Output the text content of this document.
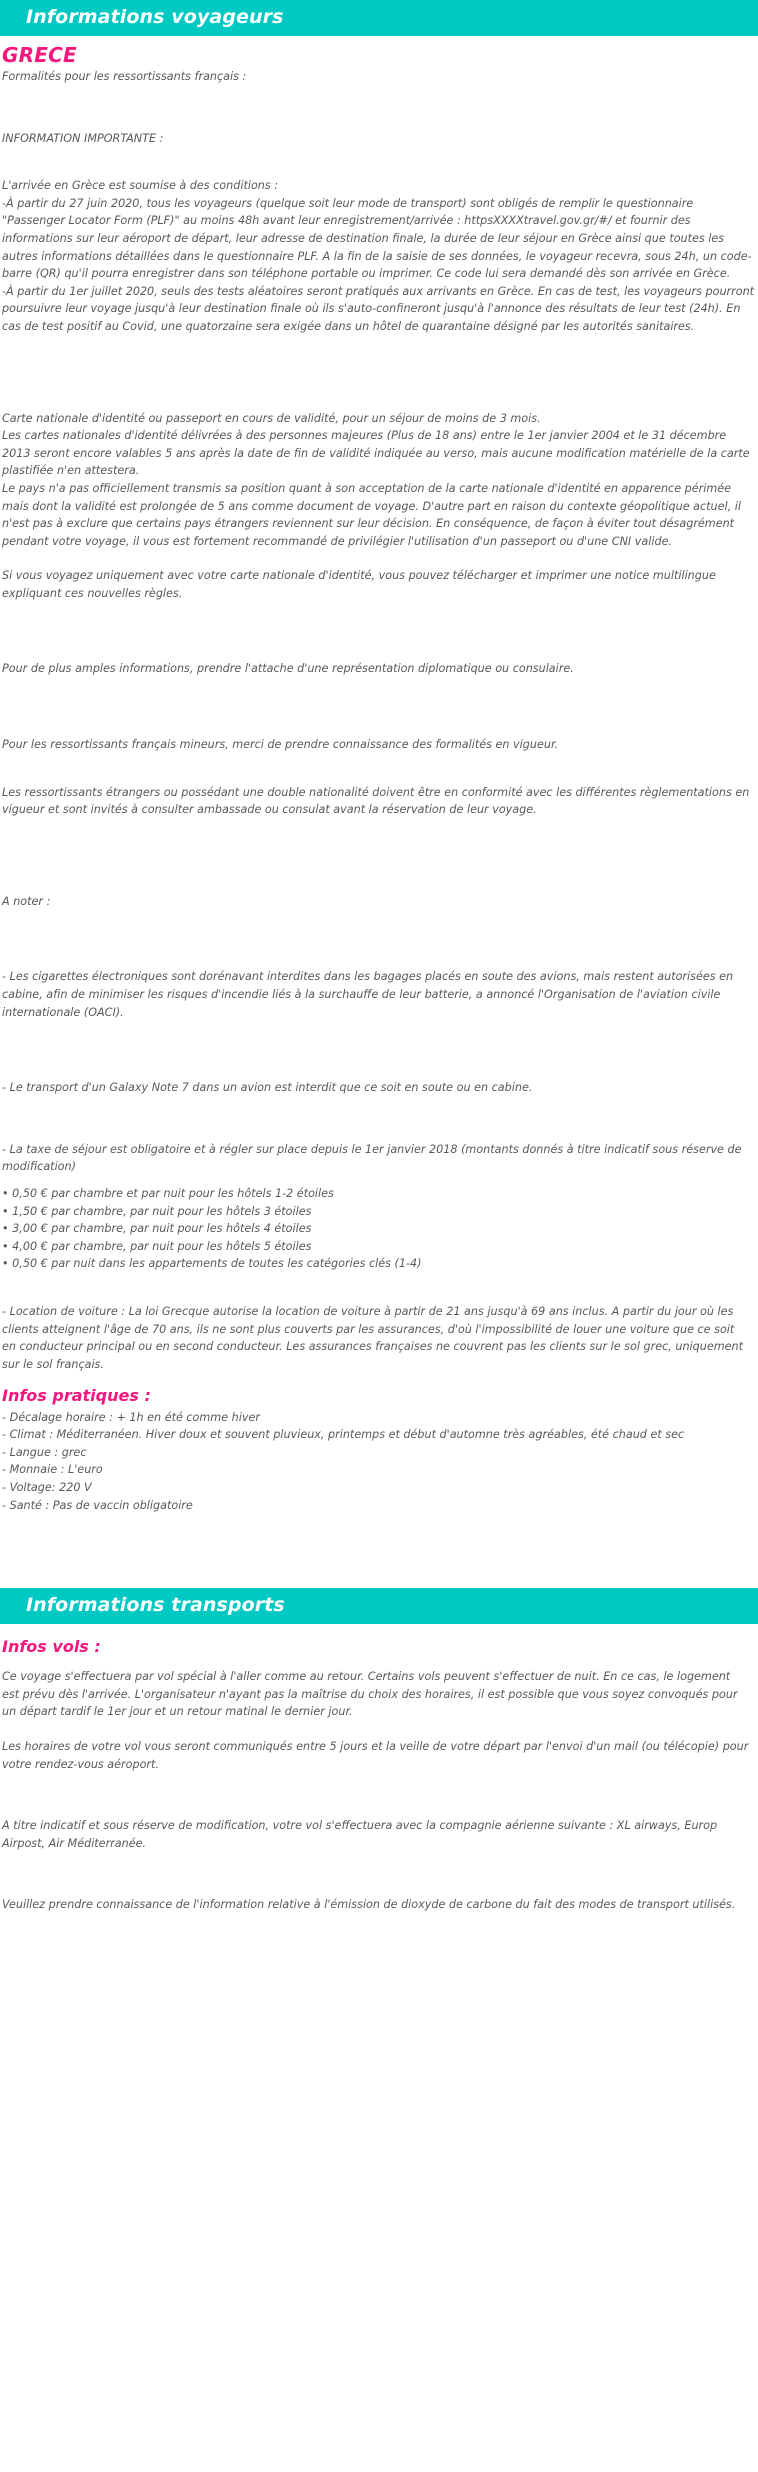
Informations voyageurs
GRECE
Formalités pour les ressortissants français :
INFORMATION IMPORTANTE :
L'arrivée en Grèce est soumise à des conditions :
-À partir du 27 juin 2020, tous les voyageurs (quelque soit leur mode de transport) sont obligés de remplir le questionnaire "Passenger Locator Form (PLF)" au moins 48h avant leur enregistrement/arrivée : httpsXXXXtravel.gov.gr/#/ et fournir des informations sur leur aéroport de départ, leur adresse de destination finale, la durée de leur séjour en Grèce ainsi que toutes les autres informations détaillées dans le questionnaire PLF. A la fin de la saisie de ses données, le voyageur recevra, sous 24h, un code-barre (QR) qu'il pourra enregistrer dans son téléphone portable ou imprimer. Ce code lui sera demandé dès son arrivée en Grèce.
-À partir du 1er juillet 2020, seuls des tests aléatoires seront pratiqués aux arrivants en Grèce. En cas de test, les voyageurs pourront poursuivre leur voyage jusqu'à leur destination finale où ils s'auto-confineront jusqu'à l'annonce des résultats de leur test (24h). En cas de test positif au Covid, une quatorzaine sera exigée dans un hôtel de quarantaine désigné par les autorités sanitaires.
Carte nationale d'identité ou passeport en cours de validité, pour un séjour de moins de 3 mois.
Les cartes nationales d'identité délivrées à des personnes majeures (Plus de 18 ans) entre le 1er janvier 2004 et le 31 décembre 2013 seront encore valables 5 ans après la date de fin de validité indiquée au verso, mais aucune modification matérielle de la carte plastifiée n'en attestera.
Le pays n'a pas officiellement transmis sa position quant à son acceptation de la carte nationale d'identité en apparence périmée mais dont la validité est prolongée de 5 ans comme document de voyage. D'autre part en raison du contexte géopolitique actuel, il n'est pas à exclure que certains pays étrangers reviennent sur leur décision. En conséquence, de façon à éviter tout désagrément pendant votre voyage, il vous est fortement recommandé de privilégier l'utilisation d'un passeport ou d'une CNI valide.
Si vous voyagez uniquement avec votre carte nationale d'identité, vous pouvez télécharger et imprimer une notice multilingue expliquant ces nouvelles règles.
Pour de plus amples informations, prendre l'attache d'une représentation diplomatique ou consulaire.
Pour les ressortissants français mineurs, merci de prendre connaissance des formalités en vigueur.
Les ressortissants étrangers ou possédant une double nationalité doivent être en conformité avec les différentes règlementations en vigueur et sont invités à consulter ambassade ou consulat avant la réservation de leur voyage.
A noter :
- Les cigarettes électroniques sont dorénavant interdites dans les bagages placés en soute des avions, mais restent autorisées en cabine, afin de minimiser les risques d'incendie liés à la surchauffe de leur batterie, a annoncé l'Organisation de l'aviation civile internationale (OACI).
- Le transport d'un Galaxy Note 7 dans un avion est interdit que ce soit en soute ou en cabine.
- La taxe de séjour est obligatoire et à régler sur place depuis le 1er janvier 2018 (montants donnés à titre indicatif sous réserve de modification)
• 0,50 € par chambre et par nuit pour les hôtels 1-2 étoiles
• 1,50 € par chambre, par nuit pour les hôtels 3 étoiles
• 3,00 € par chambre, par nuit pour les hôtels 4 étoiles
• 4,00 € par chambre, par nuit pour les hôtels 5 étoiles
• 0,50 € par nuit dans les appartements de toutes les catégories clés (1-4)
- Location de voiture : La loi Grecque autorise la location de voiture à partir de 21 ans jusqu'à 69 ans inclus. A partir du jour où les clients atteignent l'âge de 70 ans, ils ne sont plus couverts par les assurances, d'où l'impossibilité de louer une voiture que ce soit en conducteur principal ou en second conducteur. Les assurances françaises ne couvrent pas les clients sur le sol grec, uniquement sur le sol français.
Infos pratiques :
- Décalage horaire : + 1h en été comme hiver
- Climat : Méditerranéen. Hiver doux et souvent pluvieux, printemps et début d'automne très agréables, été chaud et sec
- Langue : grec
- Monnaie : L'euro
- Voltage: 220 V
- Santé : Pas de vaccin obligatoire
Informations transports
Infos vols :
Ce voyage s'effectuera par vol spécial à l'aller comme au retour. Certains vols peuvent s'effectuer de nuit. En ce cas, le logement est prévu dès l'arrivée. L'organisateur n'ayant pas la maîtrise du choix des horaires, il est possible que vous soyez convoqués pour un départ tardif le 1er jour et un retour matinal le dernier jour.
Les horaires de votre vol vous seront communiqués entre 5 jours et la veille de votre départ par l'envoi d'un mail (ou télécopie) pour votre rendez-vous aéroport.
A titre indicatif et sous réserve de modification, votre vol s'effectuera avec la compagnie aérienne suivante : XL airways, Europ Airpost, Air Méditerranée.
Veuillez prendre connaissance de l'information relative à l'émission de dioxyde de carbone du fait des modes de transport utilisés.
